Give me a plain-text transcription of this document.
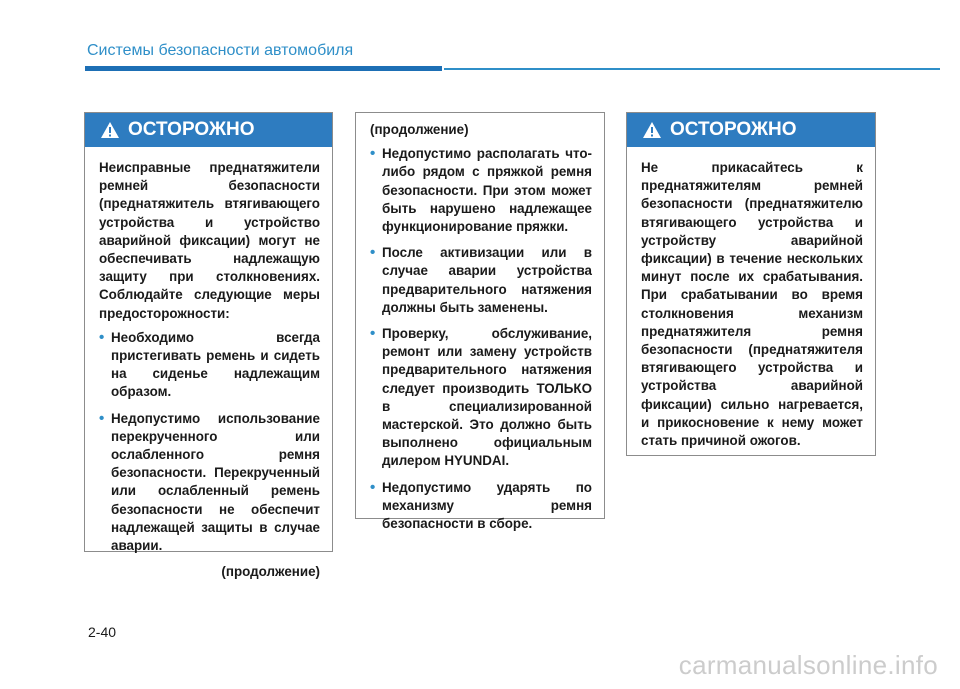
Системы безопасности автомобиля
ОСТОРОЖНО

Неисправные преднатяжители ремней безопасности (преднатяжитель втягивающего устройства и устройство аварийной фиксации) могут не обеспечивать надлежащую защиту при столкновениях. Соблюдайте следующие меры предосторожности:

• Необходимо всегда пристегивать ремень и сидеть на сиденье надлежащим образом.
• Недопустимо использование перекрученного или ослабленного ремня безопасности. Перекрученный или ослабленный ремень безопасности не обеспечит надлежащей защиты в случае аварии.

(продолжение)

(продолжение)

• Недопустимо располагать что-либо рядом с пряжкой ремня безопасности. При этом может быть нарушено надлежащее функционирование пряжки.
• После активизации или в случае аварии устройства предварительного натяжения должны быть заменены.
• Проверку, обслуживание, ремонт или замену устройств предварительного натяжения следует производить ТОЛЬКО в специализированной мастерской. Это должно быть выполнено официальным дилером HYUNDAI.
• Недопустимо ударять по механизму ремня безопасности в сборе.
ОСТОРОЖНО

Не прикасайтесь к преднатяжителям ремней безопасности (преднатяжителю втягивающего устройства и устройству аварийной фиксации) в течение нескольких минут после их срабатывания. При срабатывании во время столкновения механизм преднатяжителя ремня безопасности (преднатяжителя втягивающего устройства и устройства аварийной фиксации) сильно нагревается, и прикосновение к нему может стать причиной ожогов.

2-40
carmanualsonline.info
